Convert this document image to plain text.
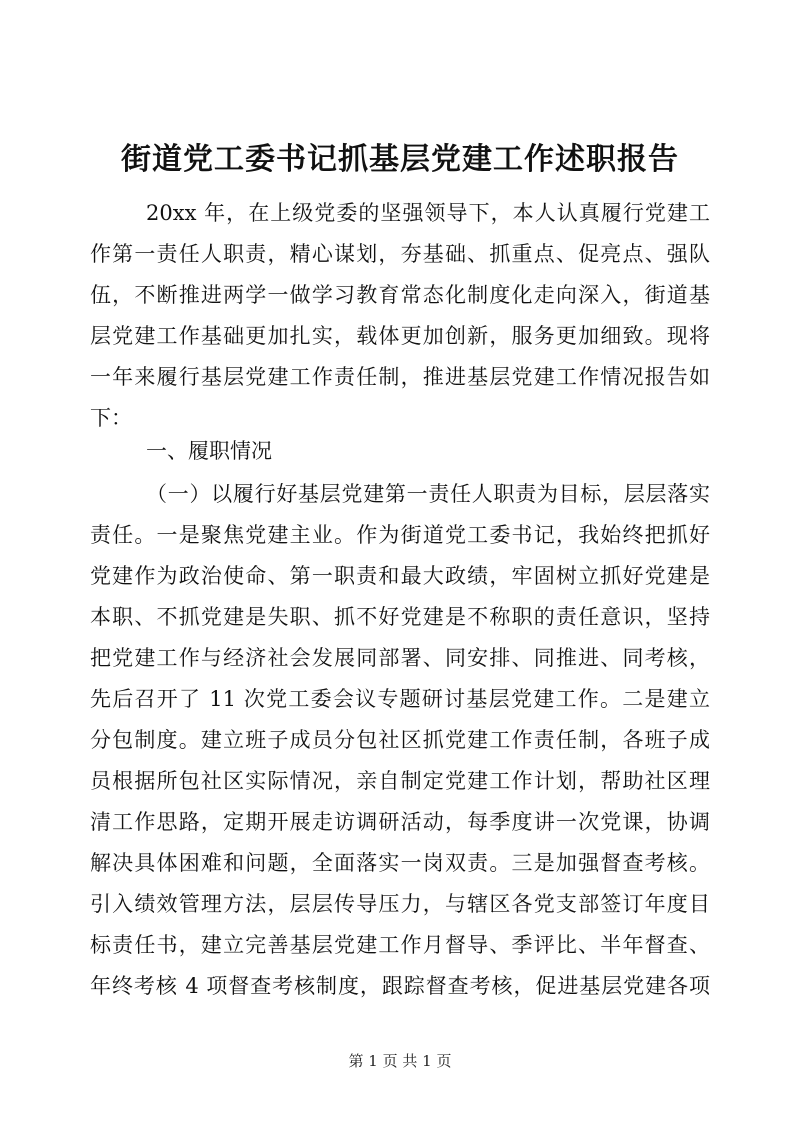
街道党工委书记抓基层党建工作述职报告
20xx 年，在上级党委的坚强领导下，本人认真履行党建工
作第一责任人职责，精心谋划，夯基础、抓重点、促亮点、强队
伍，不断推进两学一做学习教育常态化制度化走向深入，街道基
层党建工作基础更加扎实，载体更加创新，服务更加细致。现将
一年来履行基层党建工作责任制，推进基层党建工作情况报告如
下：
一、履职情况
（一）以履行好基层党建第一责任人职责为目标，层层落实
责任。一是聚焦党建主业。作为街道党工委书记，我始终把抓好
党建作为政治使命、第一职责和最大政绩，牢固树立抓好党建是
本职、不抓党建是失职、抓不好党建是不称职的责任意识，坚持
把党建工作与经济社会发展同部署、同安排、同推进、同考核，
先后召开了 11 次党工委会议专题研讨基层党建工作。二是建立
分包制度。建立班子成员分包社区抓党建工作责任制，各班子成
员根据所包社区实际情况，亲自制定党建工作计划，帮助社区理
清工作思路，定期开展走访调研活动，每季度讲一次党课，协调
解决具体困难和问题，全面落实一岗双责。三是加强督查考核。
引入绩效管理方法，层层传导压力，与辖区各党支部签订年度目
标责任书，建立完善基层党建工作月督导、季评比、半年督查、
年终考核 4 项督查考核制度，跟踪督查考核，促进基层党建各项
第 1 页 共 1 页
